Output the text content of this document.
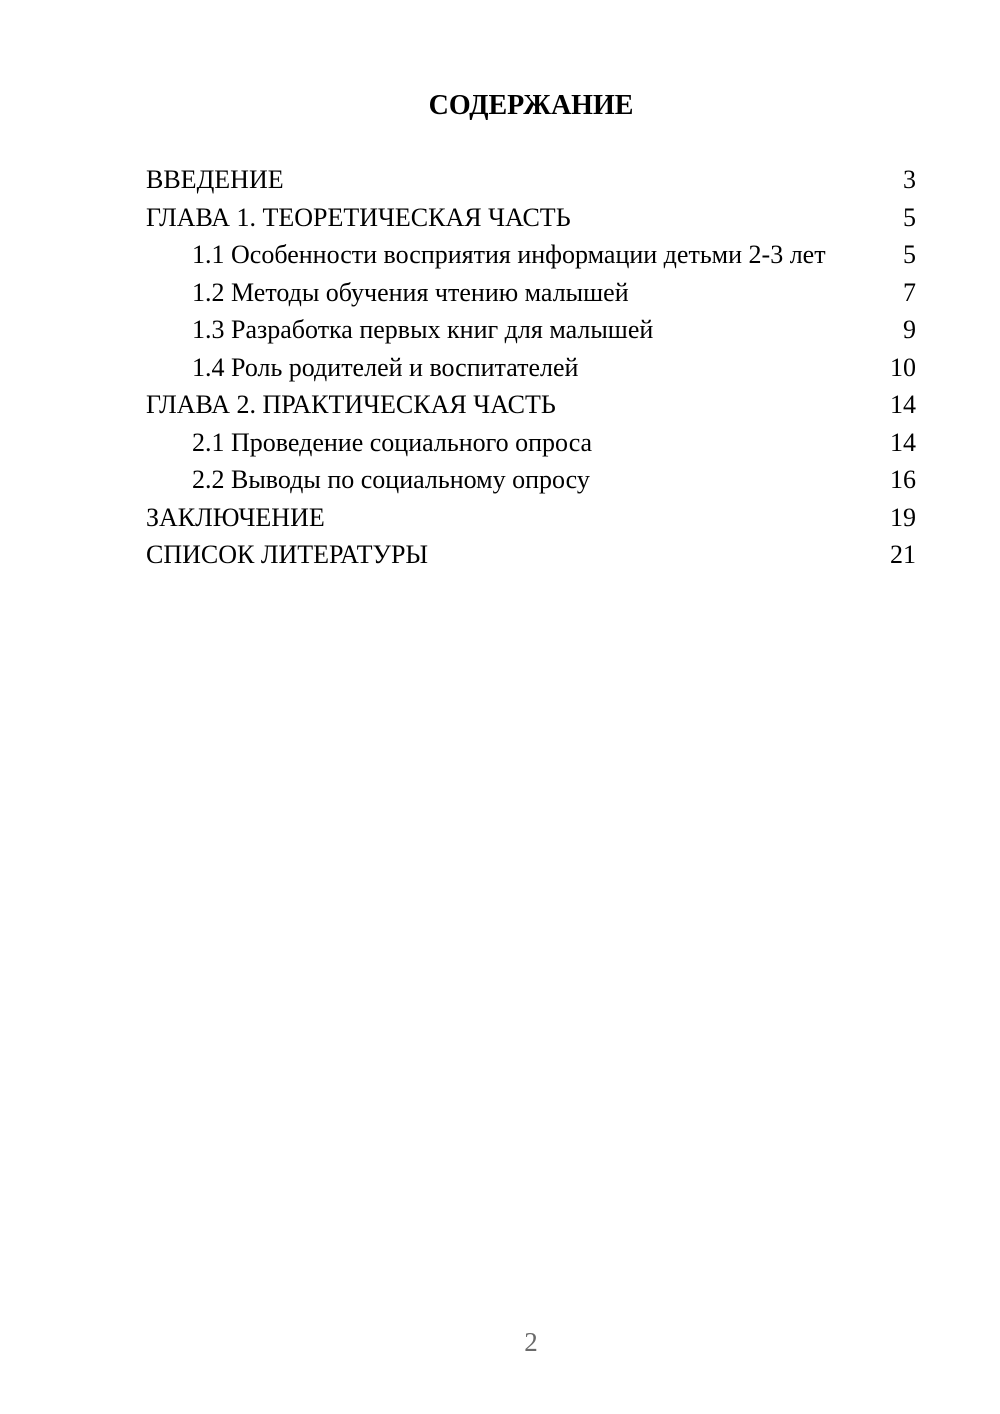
СОДЕРЖАНИЕ
ВВЕДЕНИЕ	3
ГЛАВА 1. ТЕОРЕТИЧЕСКАЯ ЧАСТЬ	5
1.1 Особенности восприятия информации детьми 2-3 лет	5
1.2 Методы обучения чтению малышей	7
1.3 Разработка первых книг для малышей	9
1.4 Роль родителей и воспитателей	10
ГЛАВА 2. ПРАКТИЧЕСКАЯ ЧАСТЬ	14
2.1 Проведение социального опроса	14
2.2 Выводы по социальному опросу	16
ЗАКЛЮЧЕНИЕ	19
СПИСОК ЛИТЕРАТУРЫ	21
2
